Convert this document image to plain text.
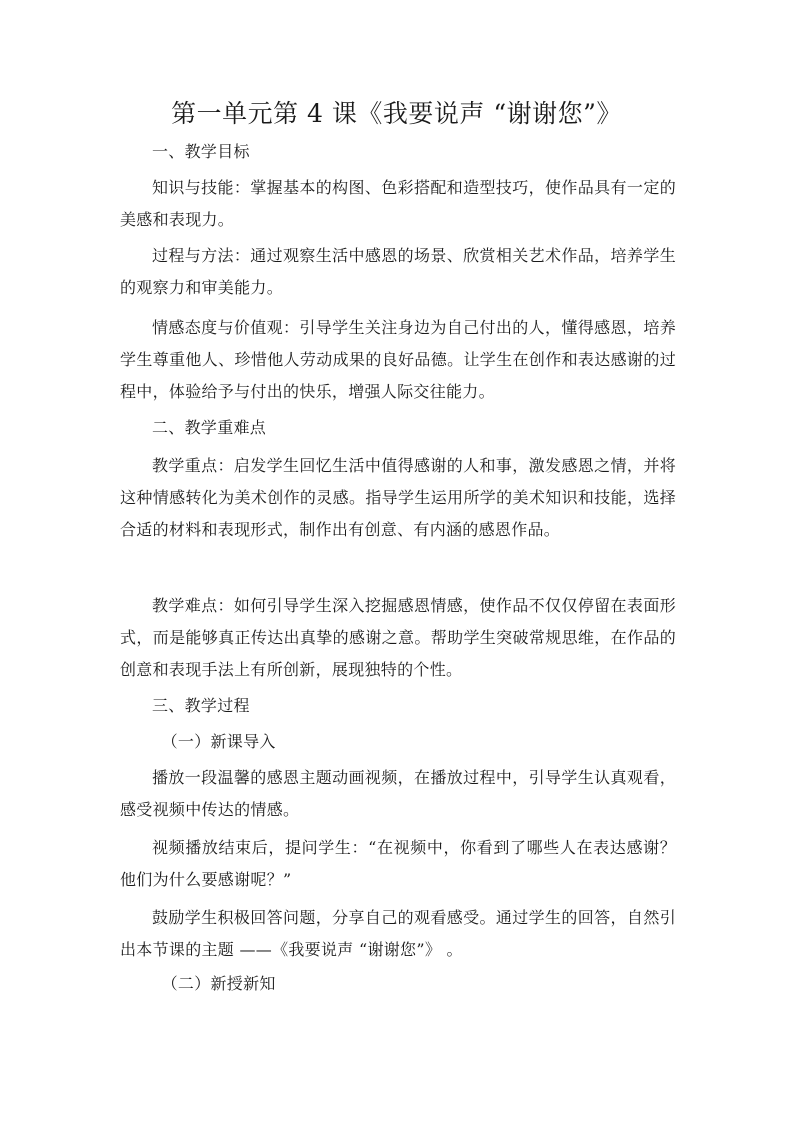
第一单元第 4 课《我要说声 “谢谢您”》
一、教学目标
知识与技能：掌握基本的构图、色彩搭配和造型技巧，使作品具有一定的美感和表现力。
过程与方法：通过观察生活中感恩的场景、欣赏相关艺术作品，培养学生的观察力和审美能力。
情感态度与价值观：引导学生关注身边为自己付出的人，懂得感恩，培养学生尊重他人、珍惜他人劳动成果的良好品德。让学生在创作和表达感谢的过程中，体验给予与付出的快乐，增强人际交往能力。
二、教学重难点
教学重点：启发学生回忆生活中值得感谢的人和事，激发感恩之情，并将这种情感转化为美术创作的灵感。指导学生运用所学的美术知识和技能，选择合适的材料和表现形式，制作出有创意、有内涵的感恩作品。
教学难点：如何引导学生深入挖掘感恩情感，使作品不仅仅停留在表面形式，而是能够真正传达出真挚的感谢之意。帮助学生突破常规思维，在作品的创意和表现手法上有所创新，展现独特的个性。
三、教学过程
（一）新课导入
播放一段温馨的感恩主题动画视频，在播放过程中，引导学生认真观看，感受视频中传达的情感。
视频播放结束后，提问学生：“在视频中，你看到了哪些人在表达感谢？他们为什么要感谢呢？”
鼓励学生积极回答问题，分享自己的观看感受。通过学生的回答，自然引出本节课的主题 ——《我要说声 “谢谢您”》 。
（二）新授新知
